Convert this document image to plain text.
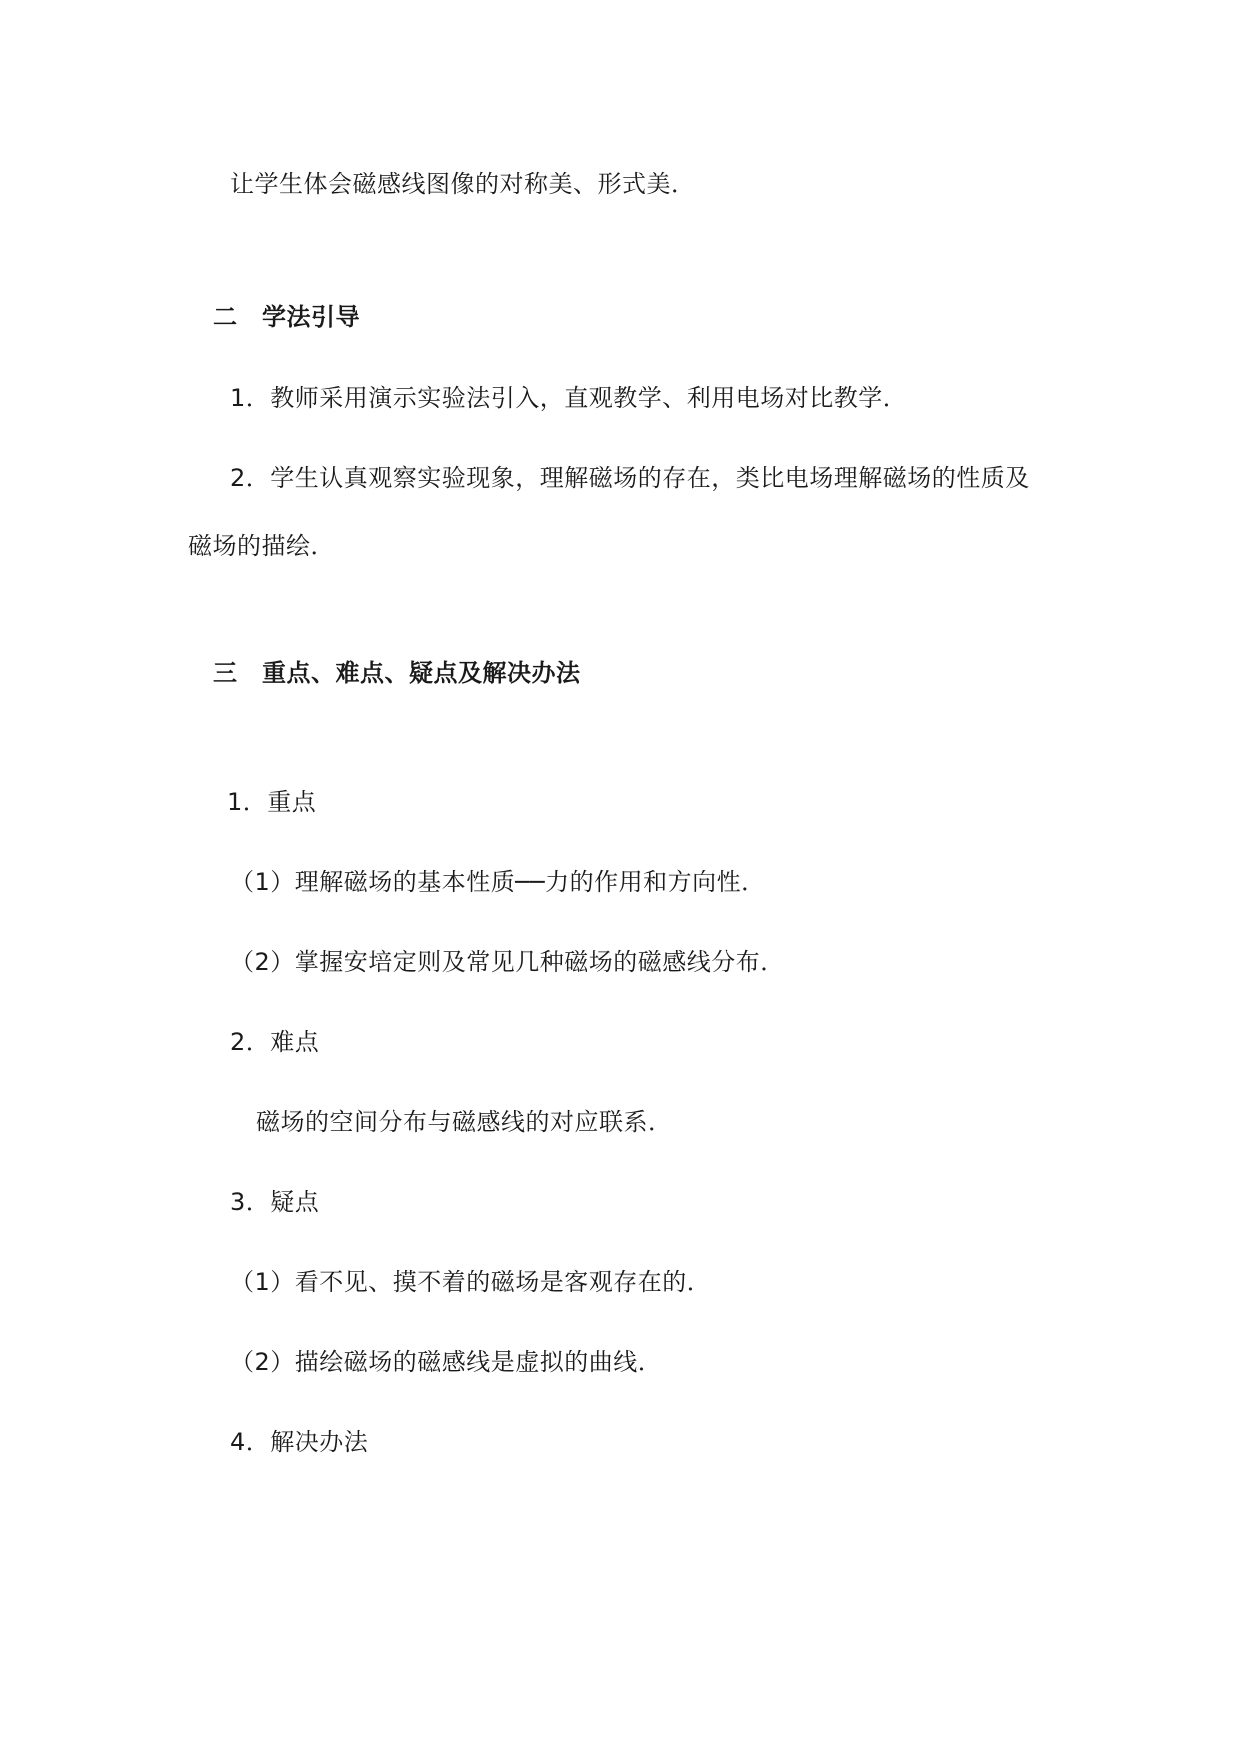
让学生体会磁感线图像的对称美、形式美．
二　学法引导
1．教师采用演示实验法引入，直观教学、利用电场对比教学．
2．学生认真观察实验现象，理解磁场的存在，类比电场理解磁场的性质及
磁场的描绘．
三　重点、难点、疑点及解决办法
1．重点
（1）理解磁场的基本性质──力的作用和方向性．
（2）掌握安培定则及常见几种磁场的磁感线分布．
2．难点
磁场的空间分布与磁感线的对应联系．
3．疑点
（1）看不见、摸不着的磁场是客观存在的．
（2）描绘磁场的磁感线是虚拟的曲线．
4．解决办法
